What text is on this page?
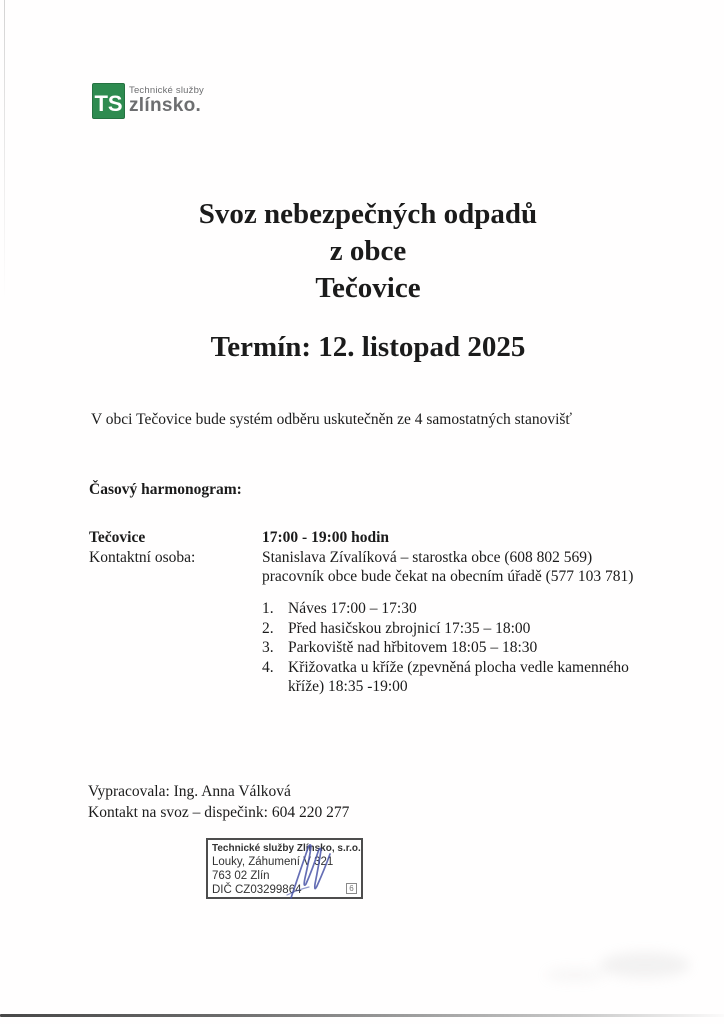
TS
Technické služby
zlínsko.
Svoz nebezpečných odpadů
z obce
Tečovice
Termín: 12. listopad 2025
V obci Tečovice bude systém odběru uskutečněn ze 4 samostatných stanovišť
Časový harmonogram:
Tečovice
Kontaktní osoba:
17:00 - 19:00 hodin
Stanislava Zívalíková – starostka obce (608 802 569)
pracovník obce bude čekat na obecním úřadě (577 103 781)
1. Náves 17:00 – 17:30
2. Před hasičskou zbrojnicí 17:35 – 18:00
3. Parkoviště nad hřbitovem 18:05 – 18:30
4. Křižovatka u kříže (zpevněná plocha vedle kamenného kříže) 18:35 -19:00
Vypracovala: Ing. Anna Válková
Kontakt na svoz – dispečink: 604 220 277
Technické služby Zlínsko, s.r.o.
Louky, Záhumení V 321
763 02 Zlín
DIČ CZ03299864	6
